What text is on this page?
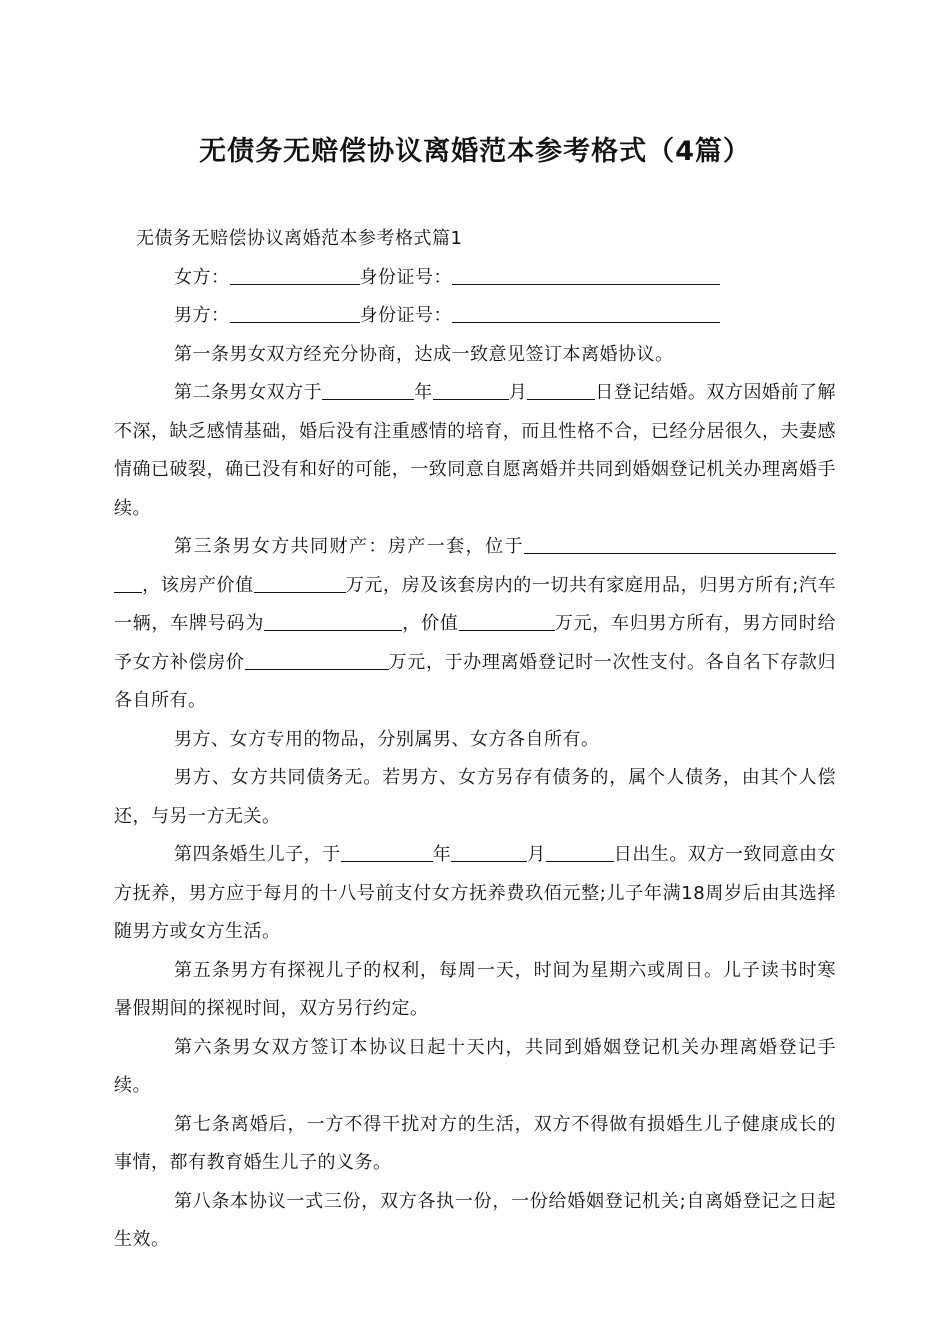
无债务无赔偿协议离婚范本参考格式（4篇）

无债务无赔偿协议离婚范本参考格式篇1

女方：	身份证号：

男方：	身份证号：

第一条男女双方经充分协商，达成一致意见签订本离婚协议。

第二条男女双方于	年	月	日登记结婚。双方因婚前了解不深，缺乏感情基础，婚后没有注重感情的培育，而且性格不合，已经分居很久，夫妻感情确已破裂，确已没有和好的可能，一致同意自愿离婚并共同到婚姻登记机关办理离婚手续。

第三条男女方共同财产：房产一套，位于，该房产价值	万元，房及该套房内的一切共有家庭用品，归男方所有;汽车一辆，车牌号码为	，价值	万元，车归男方所有，男方同时给予女方补偿房价	万元，于办理离婚登记时一次性支付。各自名下存款归各自所有。

男方、女方专用的物品，分别属男、女方各自所有。

男方、女方共同债务无。若男方、女方另存有债务的，属个人债务，由其个人偿还，与另一方无关。

第四条婚生儿子，于	年	月	日出生。双方一致同意由女方抚养，男方应于每月的十八号前支付女方抚养费玖佰元整;儿子年满18周岁后由其选择随男方或女方生活。

第五条男方有探视儿子的权利，每周一天，时间为星期六或周日。儿子读书时寒暑假期间的探视时间，双方另行约定。

第六条男女双方签订本协议日起十天内，共同到婚姻登记机关办理离婚登记手续。

第七条离婚后，一方不得干扰对方的生活，双方不得做有损婚生儿子健康成长的事情，都有教育婚生儿子的义务。

第八条本协议一式三份，双方各执一份，一份给婚姻登记机关;自离婚登记之日起生效。
